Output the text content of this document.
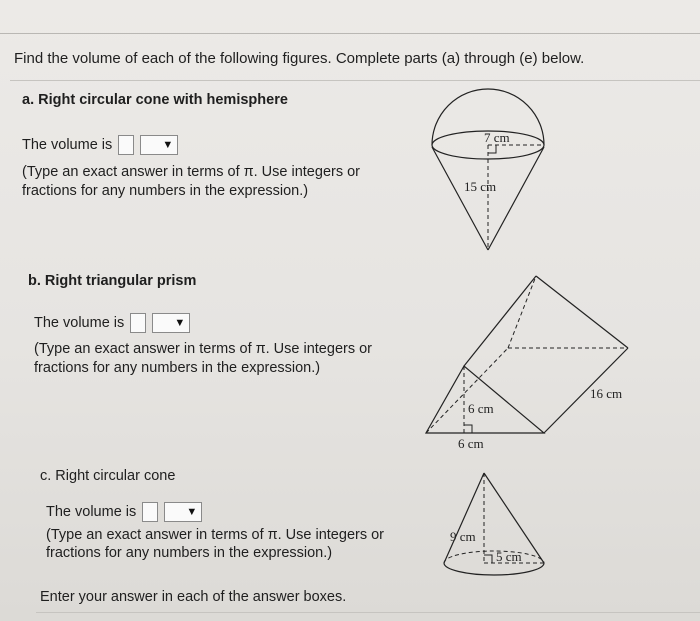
Find the volume of each of the following figures. Complete parts (a) through (e) below.
a. Right circular cone with hemisphere
The volume is	▼
(Type an exact answer in terms of π. Use integers or
fractions for any numbers in the expression.)
7 cm
15 cm
b. Right triangular prism
The volume is	▼
(Type an exact answer in terms of π. Use integers or
fractions for any numbers in the expression.)
6 cm
6 cm
16 cm
c. Right circular cone
The volume is	▼
(Type an exact answer in terms of π. Use integers or
fractions for any numbers in the expression.)
9 cm
5 cm
Enter your answer in each of the answer boxes.
